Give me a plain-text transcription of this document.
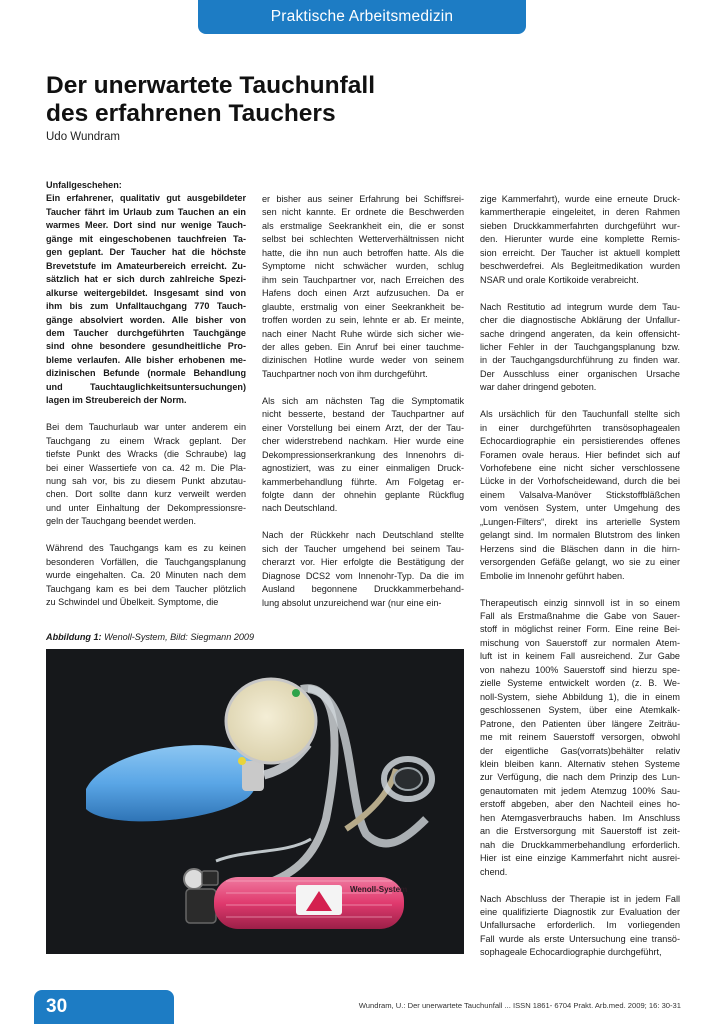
Praktische Arbeitsmedizin
Der unerwartete Tauchunfall
des erfahrenen Tauchers
Udo Wundram

Unfallgeschehen:
Ein erfahrener, qualitativ gut ausgebildeter
Taucher fährt im Urlaub zum Tauchen an ein
warmes Meer. Dort sind nur wenige Tauch-
gänge mit eingeschobenen tauchfreien Ta-
gen geplant. Der Taucher hat die höchste
Brevetstufe im Amateurbereich erreicht. Zu-
sätzlich hat er sich durch zahlreiche Spezi-
alkurse weitergebildet. Insgesamt sind von
ihm bis zum Unfalltauchgang 770 Tauch-
gänge absolviert worden. Alle bisher von
dem Taucher durchgeführten Tauchgänge
sind ohne besondere gesundheitliche Pro-
bleme verlaufen. Alle bisher erhobenen me-
dizinischen Befunde (normale Behandlung
und Tauchtauglichkeitsuntersuchungen)
lagen im Streubereich der Norm.

Bei dem Tauchurlaub war unter anderem ein
Tauchgang zu einem Wrack geplant. Der
tiefste Punkt des Wracks (die Schraube) lag
bei einer Wassertiefe von ca. 42 m. Die Pla-
nung sah vor, bis zu diesem Punkt abzutau-
chen. Dort sollte dann kurz verweilt werden
und unter Einhaltung der Dekompressionsre-
geln der Tauchgang beendet werden.

Während des Tauchgangs kam es zu keinen
besonderen Vorfällen, die Tauchgangsplanung
wurde eingehalten. Ca. 20 Minuten nach dem
Tauchgang kam es bei dem Taucher plötzlich
zu Schwindel und Übelkeit. Symptome, die

er bisher aus seiner Erfahrung bei Schiffsrei-
sen nicht kannte. Er ordnete die Beschwerden
als erstmalige Seekrankheit ein, die er sonst
selbst bei schlechten Wetterverhältnissen nicht
hatte, die ihn nun auch betroffen hatte. Als die
Symptome nicht schwächer wurden, schlug
ihm sein Tauchpartner vor, nach Erreichen des
Hafens doch einen Arzt aufzusuchen. Da er
glaubte, erstmalig von einer Seekrankheit be-
troffen worden zu sein, lehnte er ab. Er meinte,
nach einer Nacht Ruhe würde sich sicher wie-
der alles geben. Ein Anruf bei einer tauchme-
dizinischen Hotline wurde weder von seinem
Tauchpartner noch von ihm durchgeführt.

Als sich am nächsten Tag die Symptomatik
nicht besserte, bestand der Tauchpartner auf
einer Vorstellung bei einem Arzt, der der Tau-
cher widerstrebend nachkam. Hier wurde eine
Dekompressionserkrankung des Innenohrs di-
agnostiziert, was zu einer einmaligen Druck-
kammerbehandlung führte. Am Folgetag er-
folgte dann der ohnehin geplante Rückflug
nach Deutschland.

Nach der Rückkehr nach Deutschland stellte
sich der Taucher umgehend bei seinem Tau-
cherarzt vor. Hier erfolgte die Bestätigung der
Diagnose DCS2 vom Innenohr-Typ. Da die im
Ausland begonnene Druckkammerbehand-
lung absolut unzureichend war (nur eine ein-

zige Kammerfahrt), wurde eine erneute Druck-
kammertherapie eingeleitet, in deren Rahmen
sieben Druckkammerfahrten durchgeführt wur-
den. Hierunter wurde eine komplette Remis-
sion erreicht. Der Taucher ist aktuell komplett
beschwerdefrei. Als Begleitmedikation wurden
NSAR und orale Kortikoide verabreicht.

Nach Restitutio ad integrum wurde dem Tau-
cher die diagnostische Abklärung der Unfallur-
sache dringend angeraten, da kein offensicht-
licher Fehler in der Tauchgangsplanung bzw.
in der Tauchgangsdurchführung zu finden war.
Der Ausschluss einer organischen Ursache
war daher dringend geboten.

Als ursächlich für den Tauchunfall stellte sich
in einer durchgeführten transösophagealen
Echocardiographie ein persistierendes offenes
Foramen ovale heraus. Hier befindet sich auf
Vorhofebene eine nicht sicher verschlossene
Lücke in der Vorhofscheidewand, durch die bei
einem Valsalva-Manöver Stickstoffbläßchen
vom venösen System, unter Umgehung des
„Lungen-Filters“, direkt ins arterielle System
gelangt sind. Im normalen Blutstrom des linken
Herzens sind die Bläschen dann in die hirn-
versorgenden Gefäße gelangt, wo sie zu einer
Embolie im Innenohr geführt haben.

Therapeutisch einzig sinnvoll ist in so einem
Fall als Erstmaßnahme die Gabe von Sauer-
stoff in möglichst reiner Form. Eine reine Bei-
mischung von Sauerstoff zur normalen Atem-
luft ist in keinem Fall ausreichend. Zur Gabe
von nahezu 100% Sauerstoff sind hierzu spe-
zielle Systeme entwickelt worden (z. B. We-
noll-System, siehe Abbildung 1), die in einem
geschlossenen System, über eine Atemkalk-
Patrone, den Patienten über längere Zeiträu-
me mit reinem Sauerstoff versorgen, obwohl
der eigentliche Gas(vorrats)behälter relativ
klein bleiben kann. Alternativ stehen Systeme
zur Verfügung, die nach dem Prinzip des Lun-
genautomaten mit jedem Atemzug 100% Sau-
erstoff abgeben, aber den Nachteil eines ho-
hen Atemgasverbrauchs haben. Im Anschluss
an die Erstversorgung mit Sauerstoff ist zeit-
nah die Druckkammerbehandlung erforderlich.
Hier ist eine einzige Kammerfahrt nicht ausrei-
chend.

Nach Abschluss der Therapie ist in jedem Fall
eine qualifizierte Diagnostik zur Evaluation der
Unfallursache erforderlich. Im vorliegenden
Fall wurde als erste Untersuchung eine transö-
sophageale Echocardiographie durchgeführt,

Abbildung 1: Wenoll-System, Bild: Siegmann 2009
Wenoll-System
30	Wundram, U.: Der unerwartete Tauchunfall ... ISSN 1861- 6704 Prakt. Arb.med. 2009; 16: 30-31
